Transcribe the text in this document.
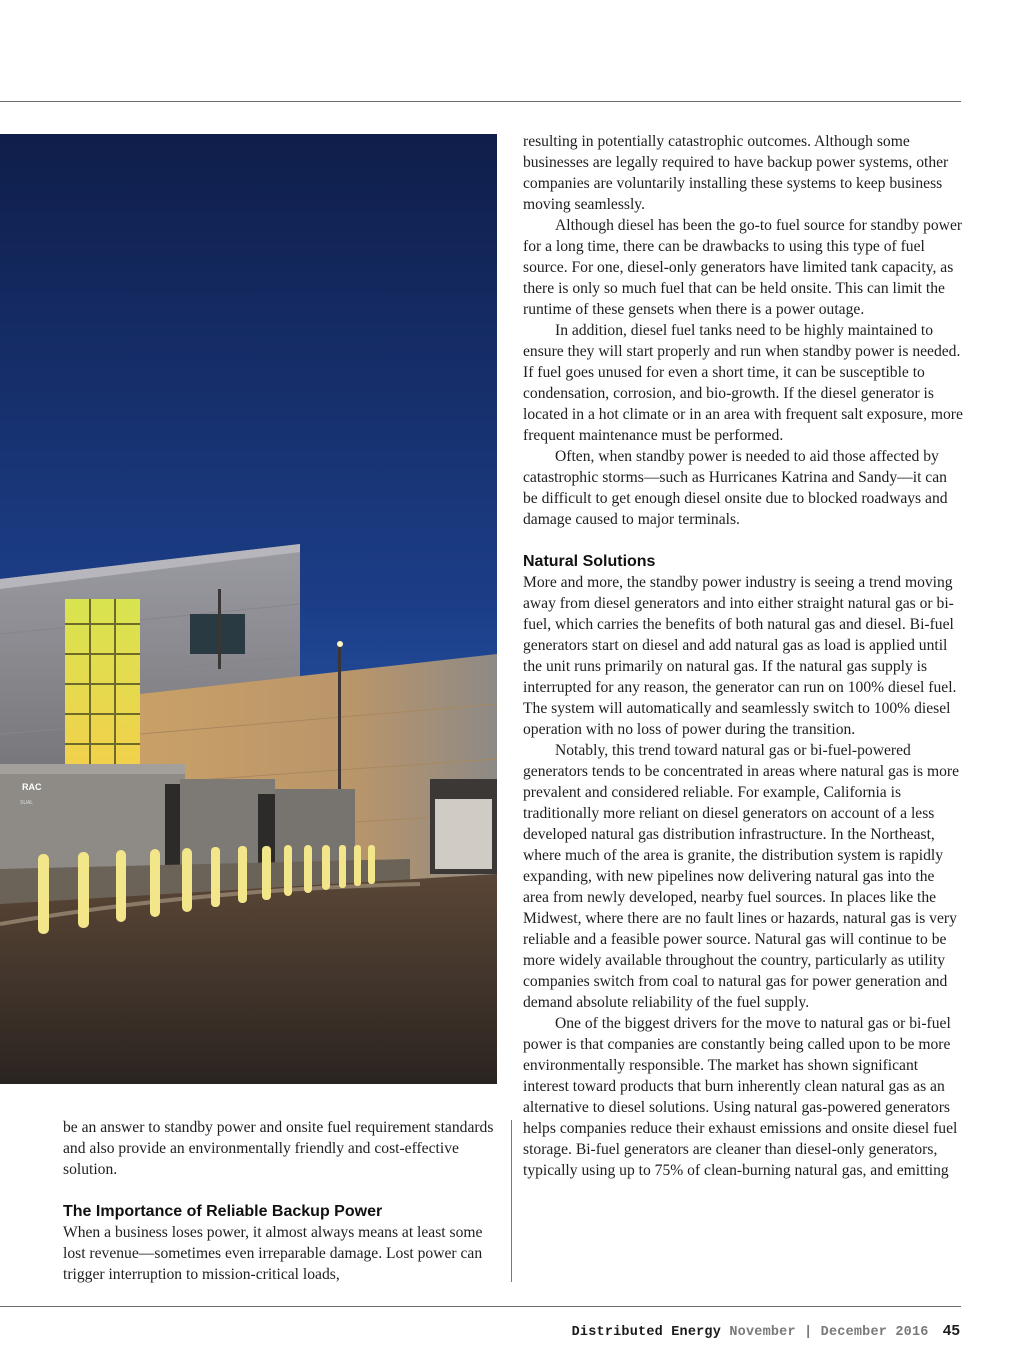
RAC
SUAL

be an answer to standby power and onsite fuel requirement standards and also provide an environmentally friendly and cost-effective solution.

The Importance of Reliable Backup Power

When a business loses power, it almost always means at least some lost revenue—sometimes even irreparable damage. Lost power can trigger interruption to mission-critical loads,

resulting in potentially catastrophic outcomes. Although some businesses are legally required to have backup power systems, other companies are voluntarily installing these systems to keep business moving seamlessly.

Although diesel has been the go-to fuel source for standby power for a long time, there can be drawbacks to using this type of fuel source. For one, diesel-only generators have limited tank capacity, as there is only so much fuel that can be held onsite. This can limit the runtime of these gensets when there is a power outage.

In addition, diesel fuel tanks need to be highly maintained to ensure they will start properly and run when standby power is needed. If fuel goes unused for even a short time, it can be susceptible to condensation, corrosion, and bio-growth. If the diesel generator is located in a hot climate or in an area with frequent salt exposure, more frequent maintenance must be performed.

Often, when standby power is needed to aid those affected by catastrophic storms—such as Hurricanes Katrina and Sandy—it can be difficult to get enough diesel onsite due to blocked roadways and damage caused to major terminals.

Natural Solutions

More and more, the standby power industry is seeing a trend moving away from diesel generators and into either straight natural gas or bi-fuel, which carries the benefits of both natural gas and diesel. Bi-fuel generators start on diesel and add natural gas as load is applied until the unit runs primarily on natural gas. If the natural gas supply is interrupted for any reason, the generator can run on 100% diesel fuel. The system will automatically and seamlessly switch to 100% diesel operation with no loss of power during the transition.

Notably, this trend toward natural gas or bi-fuel-powered generators tends to be concentrated in areas where natural gas is more prevalent and considered reliable. For example, California is traditionally more reliant on diesel generators on account of a less developed natural gas distribution infrastructure. In the Northeast, where much of the area is granite, the distribution system is rapidly expanding, with new pipelines now delivering natural gas into the area from newly developed, nearby fuel sources. In places like the Midwest, where there are no fault lines or hazards, natural gas is very reliable and a feasible power source. Natural gas will continue to be more widely available throughout the country, particularly as utility companies switch from coal to natural gas for power generation and demand absolute reliability of the fuel supply.

One of the biggest drivers for the move to natural gas or bi-fuel power is that companies are constantly being called upon to be more environmentally responsible. The market has shown significant interest toward products that burn inherently clean natural gas as an alternative to diesel solutions. Using natural gas-powered generators helps companies reduce their exhaust emissions and onsite diesel fuel storage. Bi-fuel generators are cleaner than diesel-only generators, typically using up to 75% of clean-burning natural gas, and emitting

Distributed Energy November | December 2016 45
